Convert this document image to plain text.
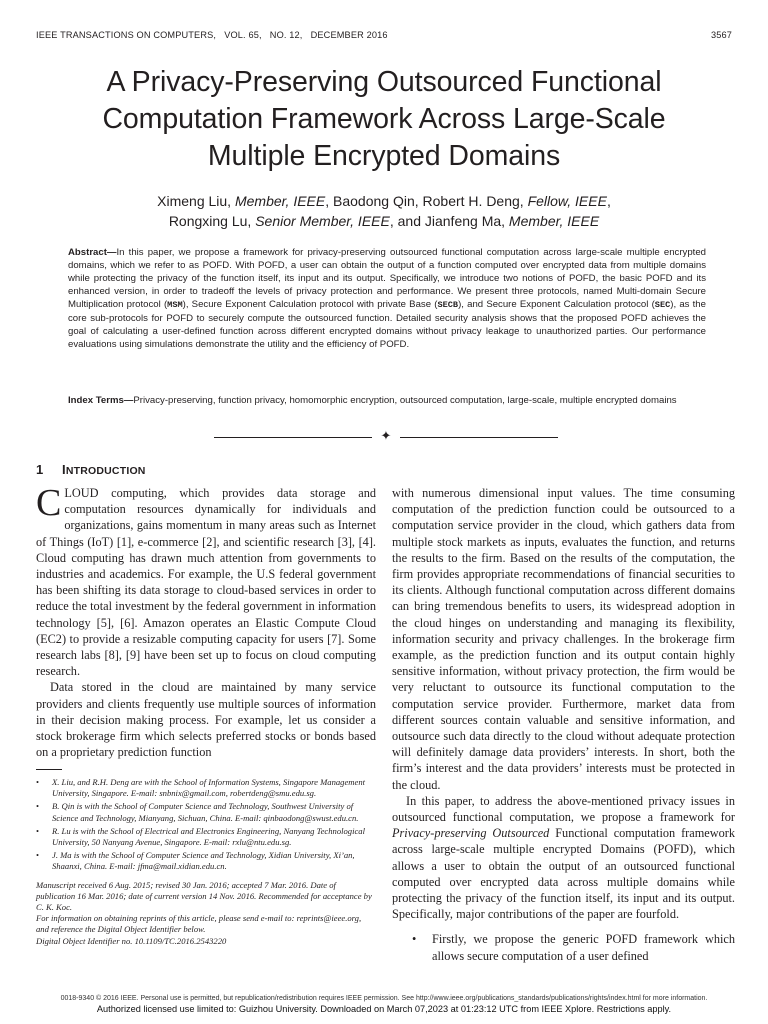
IEEE TRANSACTIONS ON COMPUTERS, VOL. 65, NO. 12, DECEMBER 2016	3567
A Privacy-Preserving Outsourced Functional
Computation Framework Across Large-Scale
Multiple Encrypted Domains
Ximeng Liu, Member, IEEE, Baodong Qin, Robert H. Deng, Fellow, IEEE,
Rongxing Lu, Senior Member, IEEE, and Jianfeng Ma, Member, IEEE

Abstract—In this paper, we propose a framework for privacy-preserving outsourced functional computation across large-scale multiple encrypted domains, which we refer to as POFD. With POFD, a user can obtain the output of a function computed over encrypted data from multiple domains while protecting the privacy of the function itself, its input and its output. Specifically, we introduce two notions of POFD, the basic POFD and its enhanced version, in order to tradeoff the levels of privacy protection and performance. We present three protocols, named Multi-domain Secure Multiplication protocol (MSM), Secure Exponent Calculation protocol with private Base (SECB), and Secure Exponent Calculation protocol (SEC), as the core sub-protocols for POFD to securely compute the outsourced function. Detailed security analysis shows that the proposed POFD achieves the goal of calculating a user-defined function across different encrypted domains without privacy leakage to unauthorized parties. Our performance evaluations using simulations demonstrate the utility and the efficiency of POFD.

Index Terms—Privacy-preserving, function privacy, homomorphic encryption, outsourced computation, large-scale, multiple encrypted domains

✦
1 INTRODUCTION

CLOUD computing, which provides data storage and computation resources dynamically for individuals and organizations, gains momentum in many areas such as Internet of Things (IoT) [1], e-commerce [2], and scientific research [3], [4]. Cloud computing has drawn much attention from governments to industries and academics. For example, the U.S federal government has been shifting its data storage to cloud-based services in order to reduce the total investment by the federal government in information technology [5], [6]. Amazon operates an Elastic Compute Cloud (EC2) to provide a resizable computing capacity for users [7]. Some research labs [8], [9] have been set up to focus on cloud computing research.

Data stored in the cloud are maintained by many service providers and clients frequently use multiple sources of information in their decision making process. For example, let us consider a stock brokerage firm which selects preferred stocks or bonds based on a proprietary prediction function

with numerous dimensional input values. The time consuming computation of the prediction function could be outsourced to a computation service provider in the cloud, which gathers data from multiple stock markets as inputs, evaluates the function, and returns the results to the firm. Based on the results of the computation, the firm provides appropriate recommendations of financial securities to its clients. Although functional computation across different domains can bring tremendous benefits to users, its widespread adoption in the cloud hinges on understanding and managing its flexibility, information security and privacy challenges. In the brokerage firm example, as the prediction function and its output contain highly sensitive information, without privacy protection, the firm would be very reluctant to outsource its functional computation to the computation service provider. Furthermore, market data from different sources contain valuable and sensitive information, and outsource such data directly to the cloud without adequate protection will definitely damage data providers’ interests. In short, both the firm’s interest and the data providers’ interests must be protected in the cloud.

In this paper, to address the above-mentioned privacy issues in outsourced functional computation, we propose a framework for Privacy-preserving Outsourced Functional computation framework across large-scale multiple encrypted Domains (POFD), which allows a user to obtain the output of an outsourced functional computed over encrypted data across multiple domains while protecting the privacy of the function itself, its input and its output. Specifically, major contributions of the paper are fourfold.

• Firstly, we propose the generic POFD framework which allows secure computation of a user defined

• X. Liu, and R.H. Deng are with the School of Information Systems, Singapore Management University, Singapore. E-mail: snbnix@gmail.com, robertdeng@smu.edu.sg.

• B. Qin is with the School of Computer Science and Technology, Southwest University of Science and Technology, Mianyang, Sichuan, China. E-mail: qinbaodong@swust.edu.cn.

• R. Lu is with the School of Electrical and Electronics Engineering, Nanyang Technological University, 50 Nanyang Avenue, Singapore. E-mail: rxlu@ntu.edu.sg.

• J. Ma is with the School of Computer Science and Technology, Xidian University, Xi’an, Shaanxi, China. E-mail: jfma@mail.xidian.edu.cn.

Manuscript received 6 Aug. 2015; revised 30 Jan. 2016; accepted 7 Mar. 2016. Date of publication 16 Mar. 2016; date of current version 14 Nov. 2016. Recommended for acceptance by C. K. Koc.

For information on obtaining reprints of this article, please send e-mail to: reprints@ieee.org, and reference the Digital Object Identifier below.

Digital Object Identifier no. 10.1109/TC.2016.2543220

0018-9340 © 2016 IEEE. Personal use is permitted, but republication/redistribution requires IEEE permission. See http://www.ieee.org/publications_standards/publications/rights/index.html for more information.
Authorized licensed use limited to: Guizhou University. Downloaded on March 07,2023 at 01:23:12 UTC from IEEE Xplore. Restrictions apply.
